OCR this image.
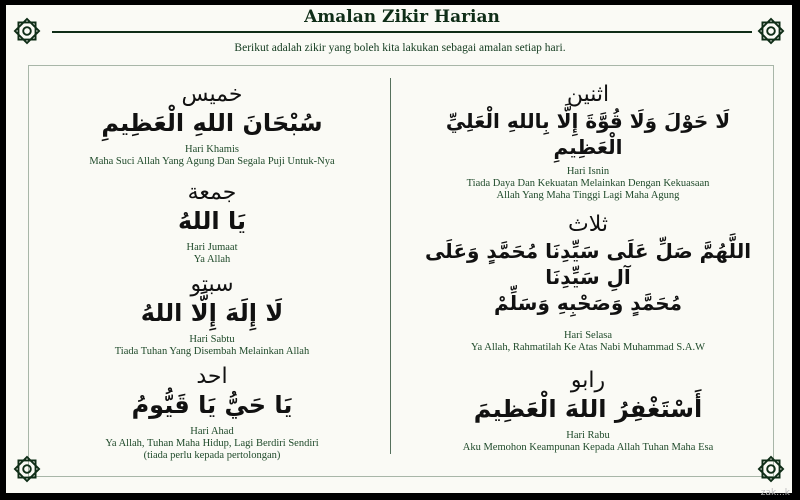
Amalan Zikir Harian
Berikut adalah zikir yang boleh kita lakukan sebagai amalan setiap hari.
خميس
سُبْحَانَ اللهِ الْعَظِيمِ
Hari Khamis
Maha Suci Allah Yang Agung Dan Segala Puji Untuk-Nya
جمعة
يَا اللهُ
Hari Jumaat
Ya Allah
سبتو
لَا إِلَهَ إِلَّا اللهُ
Hari Sabtu
Tiada Tuhan Yang Disembah Melainkan Allah
احد
يَا حَيُّ يَا قَيُّومُ
Hari Ahad
Ya Allah, Tuhan Maha Hidup, Lagi Berdiri Sendiri
(tiada perlu kepada pertolongan)
اثنين
لَا حَوْلَ وَلَا قُوَّةَ إِلَّا بِاللهِ الْعَلِيِّ الْعَظِيمِ
Hari Isnin
Tiada Daya Dan Kekuatan Melainkan Dengan Kekuasaan
Allah Yang Maha Tinggi Lagi Maha Agung
ثلاث
اللَّهُمَّ صَلِّ عَلَى سَيِّدِنَا مُحَمَّدٍ وَعَلَى آلِ سَيِّدِنَا
مُحَمَّدٍ وَصَحْبِهِ وَسَلِّمْ
Hari Selasa
Ya Allah, Rahmatilah Ke Atas Nabi Muhammad S.A.W
رابو
أَسْتَغْفِرُ اللهَ الْعَظِيمَ
Hari Rabu
Aku Memohon Keampunan Kepada Allah Tuhan Maha Esa
zak...k
